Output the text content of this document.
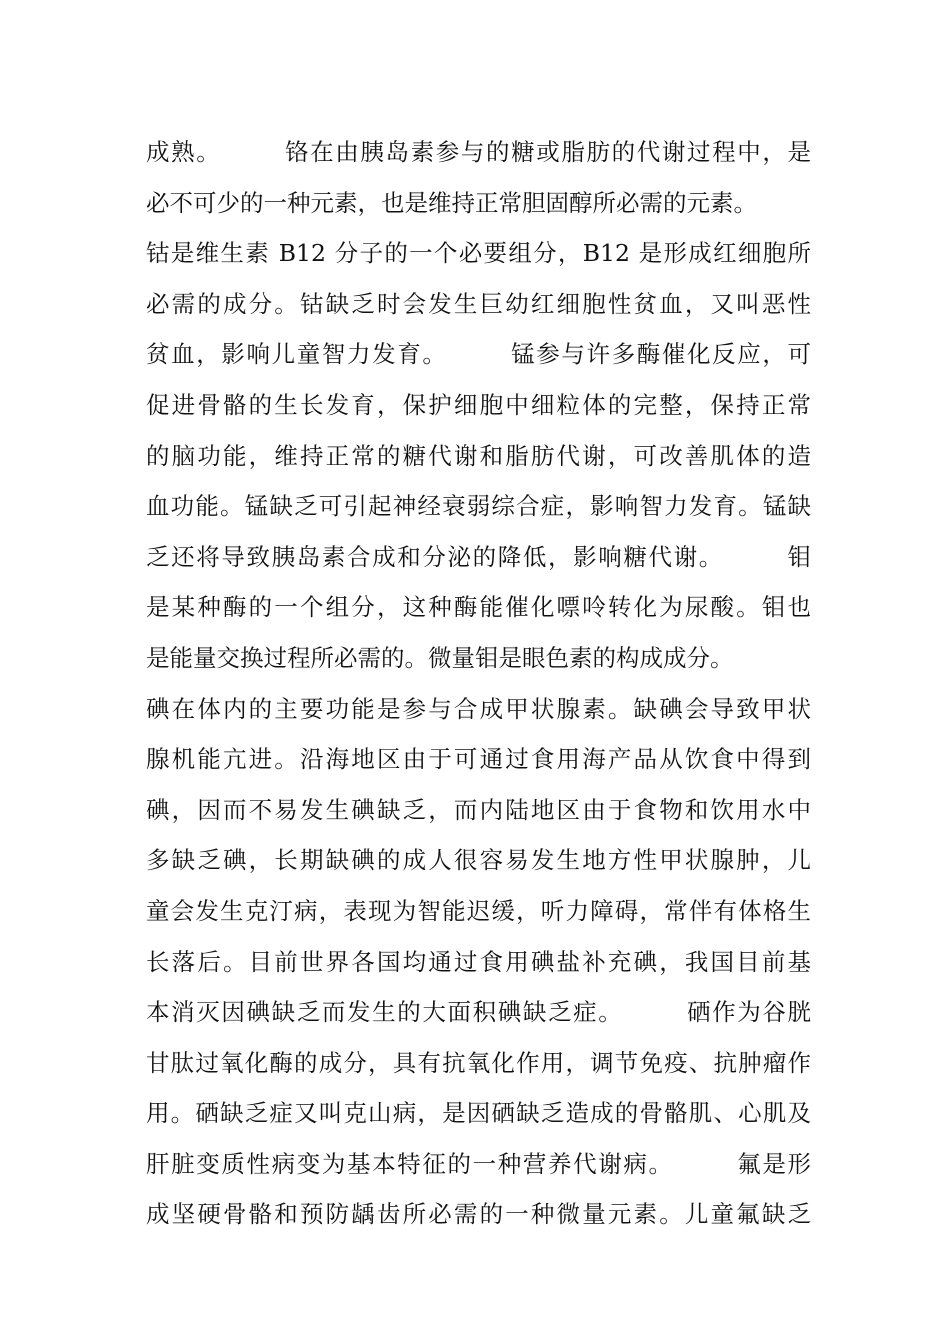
成熟。　　　铬在由胰岛素参与的糖或脂肪的代谢过程中，是
必不可少的一种元素，也是维持正常胆固醇所必需的元素。
钴是维生素 B12 分子的一个必要组分，B12 是形成红细胞所
必需的成分。钴缺乏时会发生巨幼红细胞性贫血，又叫恶性
贫血，影响儿童智力发育。　　　锰参与许多酶催化反应，可
促进骨骼的生长发育，保护细胞中细粒体的完整，保持正常
的脑功能，维持正常的糖代谢和脂肪代谢，可改善肌体的造
血功能。锰缺乏可引起神经衰弱综合症，影响智力发育。锰缺
乏还将导致胰岛素合成和分泌的降低，影响糖代谢。　　　钼
是某种酶的一个组分，这种酶能催化嘌呤转化为尿酸。钼也
是能量交换过程所必需的。微量钼是眼色素的构成成分。
碘在体内的主要功能是参与合成甲状腺素。缺碘会导致甲状
腺机能亢进。沿海地区由于可通过食用海产品从饮食中得到
碘，因而不易发生碘缺乏，而内陆地区由于食物和饮用水中
多缺乏碘，长期缺碘的成人很容易发生地方性甲状腺肿，儿
童会发生克汀病，表现为智能迟缓，听力障碍，常伴有体格生
长落后。目前世界各国均通过食用碘盐补充碘，我国目前基
本消灭因碘缺乏而发生的大面积碘缺乏症。　　　硒作为谷胱
甘肽过氧化酶的成分，具有抗氧化作用，调节免疫、抗肿瘤作
用。硒缺乏症又叫克山病，是因硒缺乏造成的骨骼肌、心肌及
肝脏变质性病变为基本特征的一种营养代谢病。　　　氟是形
成坚硬骨骼和预防龋齿所必需的一种微量元素。儿童氟缺乏
